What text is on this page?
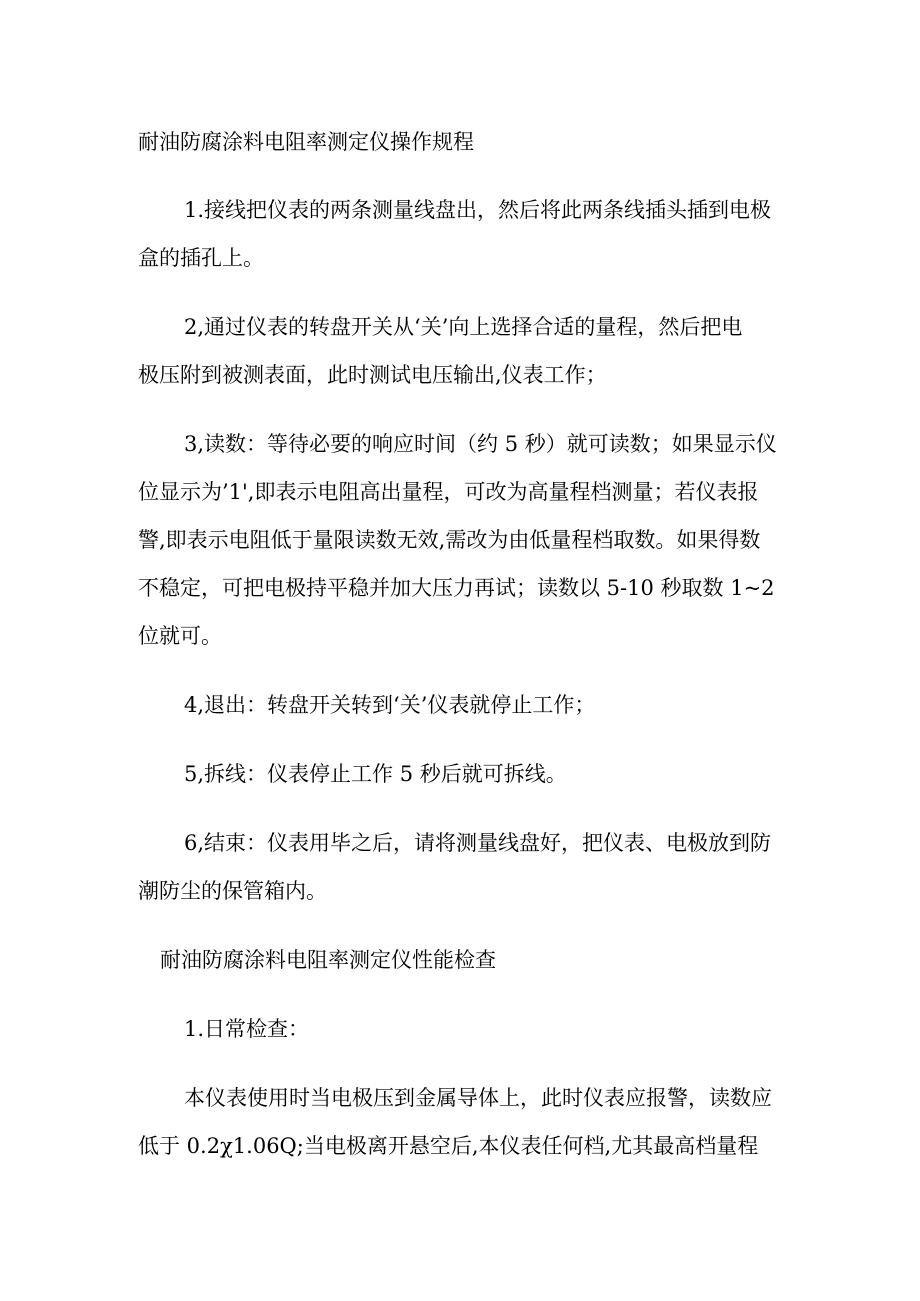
耐油防腐涂料电阻率测定仪操作规程
1.接线把仪表的两条测量线盘出，然后将此两条线插头插到电极
盒的插孔上。
2,通过仪表的转盘开关从‘关’向上选择合适的量程，然后把电
极压附到被测表面，此时测试电压输出,仪表工作；
3,读数：等待必要的响应时间（约 5 秒）就可读数；如果显示仪
位显示为’1',即表示电阻高出量程，可改为高量程档测量；若仪表报
警,即表示电阻低于量限读数无效,需改为由低量程档取数。如果得数
不稳定，可把电极持平稳并加大压力再试；读数以 5-10 秒取数 1~2
位就可。
4,退出：转盘开关转到‘关’仪表就停止工作；
5,拆线：仪表停止工作 5 秒后就可拆线。
6,结束：仪表用毕之后，请将测量线盘好，把仪表、电极放到防
潮防尘的保管箱内。
耐油防腐涂料电阻率测定仪性能检查
1.日常检查：
本仪表使用时当电极压到金属导体上，此时仪表应报警，读数应
低于 0.2χ1.06Q;当电极离开悬空后,本仪表任何档,尤其最高档量程
